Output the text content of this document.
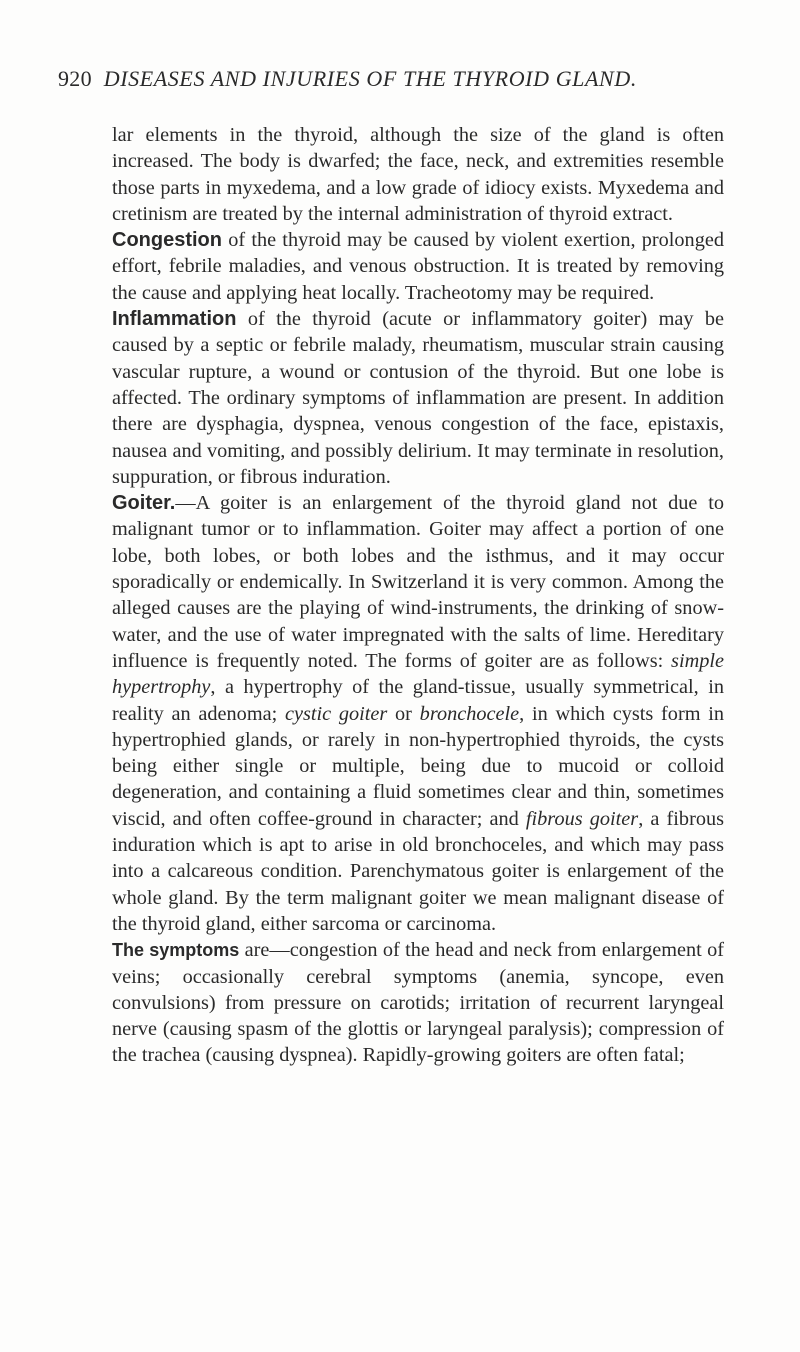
920 DISEASES AND INJURIES OF THE THYROID GLAND.

lar elements in the thyroid, although the size of the gland is often increased. The body is dwarfed; the face, neck, and extremities resemble those parts in myxedema, and a low grade of idiocy exists. Myxedema and cretinism are treated by the internal administration of thyroid extract.

Congestion of the thyroid may be caused by violent exertion, prolonged effort, febrile maladies, and venous obstruction. It is treated by removing the cause and applying heat locally. Tracheotomy may be required.

Inflammation of the thyroid (acute or inflammatory goiter) may be caused by a septic or febrile malady, rheumatism, muscular strain causing vascular rupture, a wound or contusion of the thyroid. But one lobe is affected. The ordinary symptoms of inflammation are present. In addition there are dysphagia, dyspnea, venous congestion of the face, epistaxis, nausea and vomiting, and possibly delirium. It may terminate in resolution, suppuration, or fibrous induration.

Goiter.—A goiter is an enlargement of the thyroid gland not due to malignant tumor or to inflammation. Goiter may affect a portion of one lobe, both lobes, or both lobes and the isthmus, and it may occur sporadically or endemically. In Switzerland it is very common. Among the alleged causes are the playing of wind-instruments, the drinking of snow-water, and the use of water impregnated with the salts of lime. Hereditary influence is frequently noted. The forms of goiter are as follows: simple hypertrophy, a hypertrophy of the gland-tissue, usually symmetrical, in reality an adenoma; cystic goiter or bronchocele, in which cysts form in hypertrophied glands, or rarely in non-hypertrophied thyroids, the cysts being either single or multiple, being due to mucoid or colloid degeneration, and containing a fluid sometimes clear and thin, sometimes viscid, and often coffee-ground in character; and fibrous goiter, a fibrous induration which is apt to arise in old bronchoceles, and which may pass into a calcareous condition. Parenchymatous goiter is enlargement of the whole gland. By the term malignant goiter we mean malignant disease of the thyroid gland, either sarcoma or carcinoma.

The symptoms are—congestion of the head and neck from enlargement of veins; occasionally cerebral symptoms (anemia, syncope, even convulsions) from pressure on carotids; irritation of recurrent laryngeal nerve (causing spasm of the glottis or laryngeal paralysis); compression of the trachea (causing dyspnea). Rapidly-growing goiters are often fatal;
